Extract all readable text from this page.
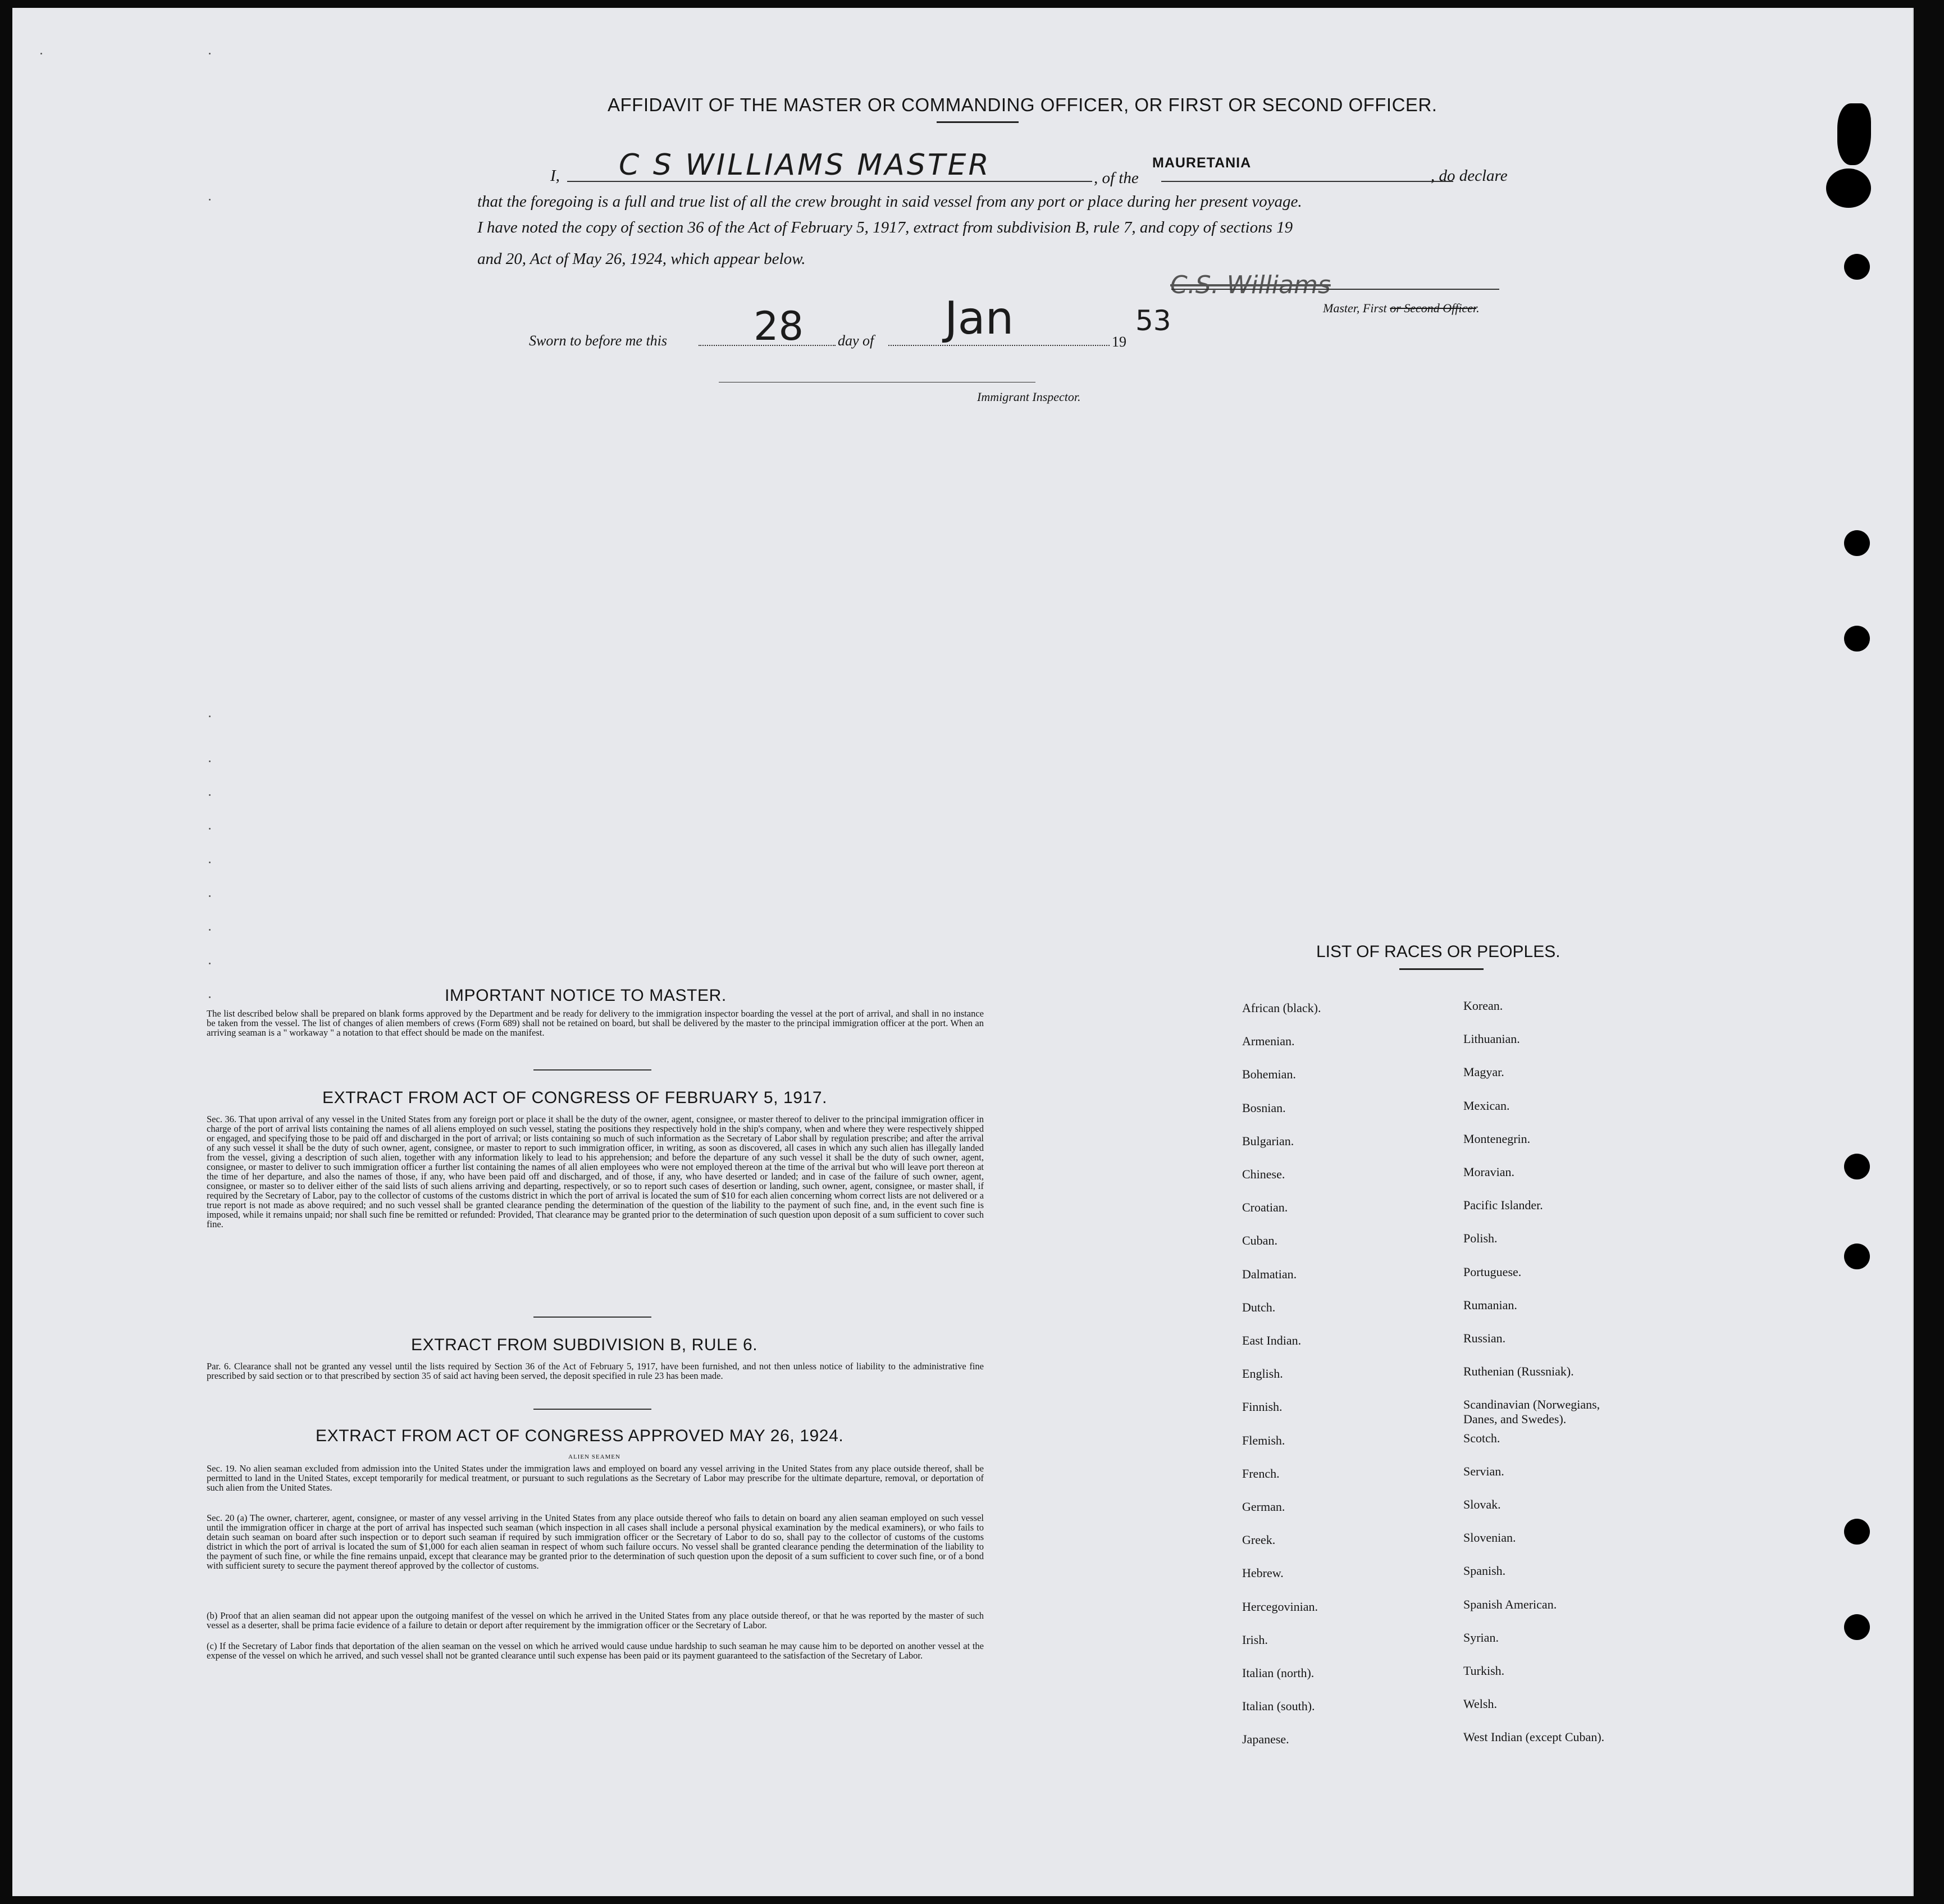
AFFIDAVIT OF THE MASTER OR COMMANDING OFFICER, OR FIRST OR SECOND OFFICER.
I, C S WILLIAMS MASTER	, of the
MAURETANIA
, do declare
that the foregoing is a full and true list of all the crew brought in said vessel from any port or place during her present voyage.
I have noted the copy of section 36 of the Act of February 5, 1917, extract from subdivision B, rule 7, and copy of sections 19
and 20, Act of May 26, 1924, which appear below.
C.S. Williams
Master, First or Second Officer.
Sworn to before me this 28 day of Jan	19
53
Immigrant Inspector.
IMPORTANT NOTICE TO MASTER.
The list described below shall be prepared on blank forms approved by the Department and be ready for delivery to the immigration inspector boarding the vessel at the port of arrival, and shall in no instance be taken from the vessel. The list of changes of alien members of crews (Form 689) shall not be retained on board, but shall be delivered by the master to the principal immigration officer at the port. When an arriving seaman is a " workaway " a notation to that effect should be made on the manifest.
EXTRACT FROM ACT OF CONGRESS OF FEBRUARY 5, 1917.
Sec. 36. That upon arrival of any vessel in the United States from any foreign port or place it shall be the duty of the owner, agent, consignee, or master thereof to deliver to the principal immigration officer in charge of the port of arrival lists containing the names of all aliens employed on such vessel, stating the positions they respectively hold in the ship's company, when and where they were respectively shipped or engaged, and specifying those to be paid off and discharged in the port of arrival; or lists containing so much of such information as the Secretary of Labor shall by regulation prescribe; and after the arrival of any such vessel it shall be the duty of such owner, agent, consignee, or master to report to such immigration officer, in writing, as soon as discovered, all cases in which any such alien has illegally landed from the vessel, giving a description of such alien, together with any information likely to lead to his apprehension; and before the departure of any such vessel it shall be the duty of such owner, agent, consignee, or master to deliver to such immigration officer a further list containing the names of all alien employees who were not employed thereon at the time of the arrival but who will leave port thereon at the time of her departure, and also the names of those, if any, who have been paid off and discharged, and of those, if any, who have deserted or landed; and in case of the failure of such owner, agent, consignee, or master so to deliver either of the said lists of such aliens arriving and departing, respectively, or so to report such cases of desertion or landing, such owner, agent, consignee, or master shall, if required by the Secretary of Labor, pay to the collector of customs of the customs district in which the port of arrival is located the sum of $10 for each alien concerning whom correct lists are not delivered or a true report is not made as above required; and no such vessel shall be granted clearance pending the determination of the question of the liability to the payment of such fine, and, in the event such fine is imposed, while it remains unpaid; nor shall such fine be remitted or refunded: Provided, That clearance may be granted prior to the determination of such question upon deposit of a sum sufficient to cover such fine.
EXTRACT FROM SUBDIVISION B, RULE 6.
Par. 6. Clearance shall not be granted any vessel until the lists required by Section 36 of the Act of February 5, 1917, have been furnished, and not then unless notice of liability to the administrative fine prescribed by said section or to that prescribed by section 35 of said act having been served, the deposit specified in rule 23 has been made.
EXTRACT FROM ACT OF CONGRESS APPROVED MAY 26, 1924.
ALIEN SEAMEN
Sec. 19. No alien seaman excluded from admission into the United States under the immigration laws and employed on board any vessel arriving in the United States from any place outside thereof, shall be permitted to land in the United States, except temporarily for medical treatment, or pursuant to such regulations as the Secretary of Labor may prescribe for the ultimate departure, removal, or deportation of such alien from the United States.
Sec. 20 (a) The owner, charterer, agent, consignee, or master of any vessel arriving in the United States from any place outside thereof who fails to detain on board any alien seaman employed on such vessel until the immigration officer in charge at the port of arrival has inspected such seaman (which inspection in all cases shall include a personal physical examination by the medical examiners), or who fails to detain such seaman on board after such inspection or to deport such seaman if required by such immigration officer or the Secretary of Labor to do so, shall pay to the collector of customs of the customs district in which the port of arrival is located the sum of $1,000 for each alien seaman in respect of whom such failure occurs. No vessel shall be granted clearance pending the determination of the liability to the payment of such fine, or while the fine remains unpaid, except that clearance may be granted prior to the determination of such question upon the deposit of a sum sufficient to cover such fine, or of a bond with sufficient surety to secure the payment thereof approved by the collector of customs.
(b) Proof that an alien seaman did not appear upon the outgoing manifest of the vessel on which he arrived in the United States from any place outside thereof, or that he was reported by the master of such vessel as a deserter, shall be prima facie evidence of a failure to detain or deport after requirement by the immigration officer or the Secretary of Labor.
(c) If the Secretary of Labor finds that deportation of the alien seaman on the vessel on which he arrived would cause undue hardship to such seaman he may cause him to be deported on another vessel at the expense of the vessel on which he arrived, and such vessel shall not be granted clearance until such expense has been paid or its payment guaranteed to the satisfaction of the Secretary of Labor.
LIST OF RACES OR PEOPLES.
African (black).
Armenian.
Bohemian.
Bosnian.
Bulgarian.
Chinese.
Croatian.
Cuban.
Dalmatian.
Dutch.
East Indian.
English.
Finnish.
Flemish.
French.
German.
Greek.
Hebrew.
Hercegovinian.
Irish.
Italian (north).
Italian (south).
Japanese.
Korean.
Lithuanian.
Magyar.
Mexican.
Montenegrin.
Moravian.
Pacific Islander.
Polish.
Portuguese.
Rumanian.
Russian.
Ruthenian (Russniak).
Scandinavian (Norwegians,
Danes, and Swedes).
Scotch.
Servian.
Slovak.
Slovenian.
Spanish.
Spanish American.
Syrian.
Turkish.
Welsh.
West Indian (except Cuban).
